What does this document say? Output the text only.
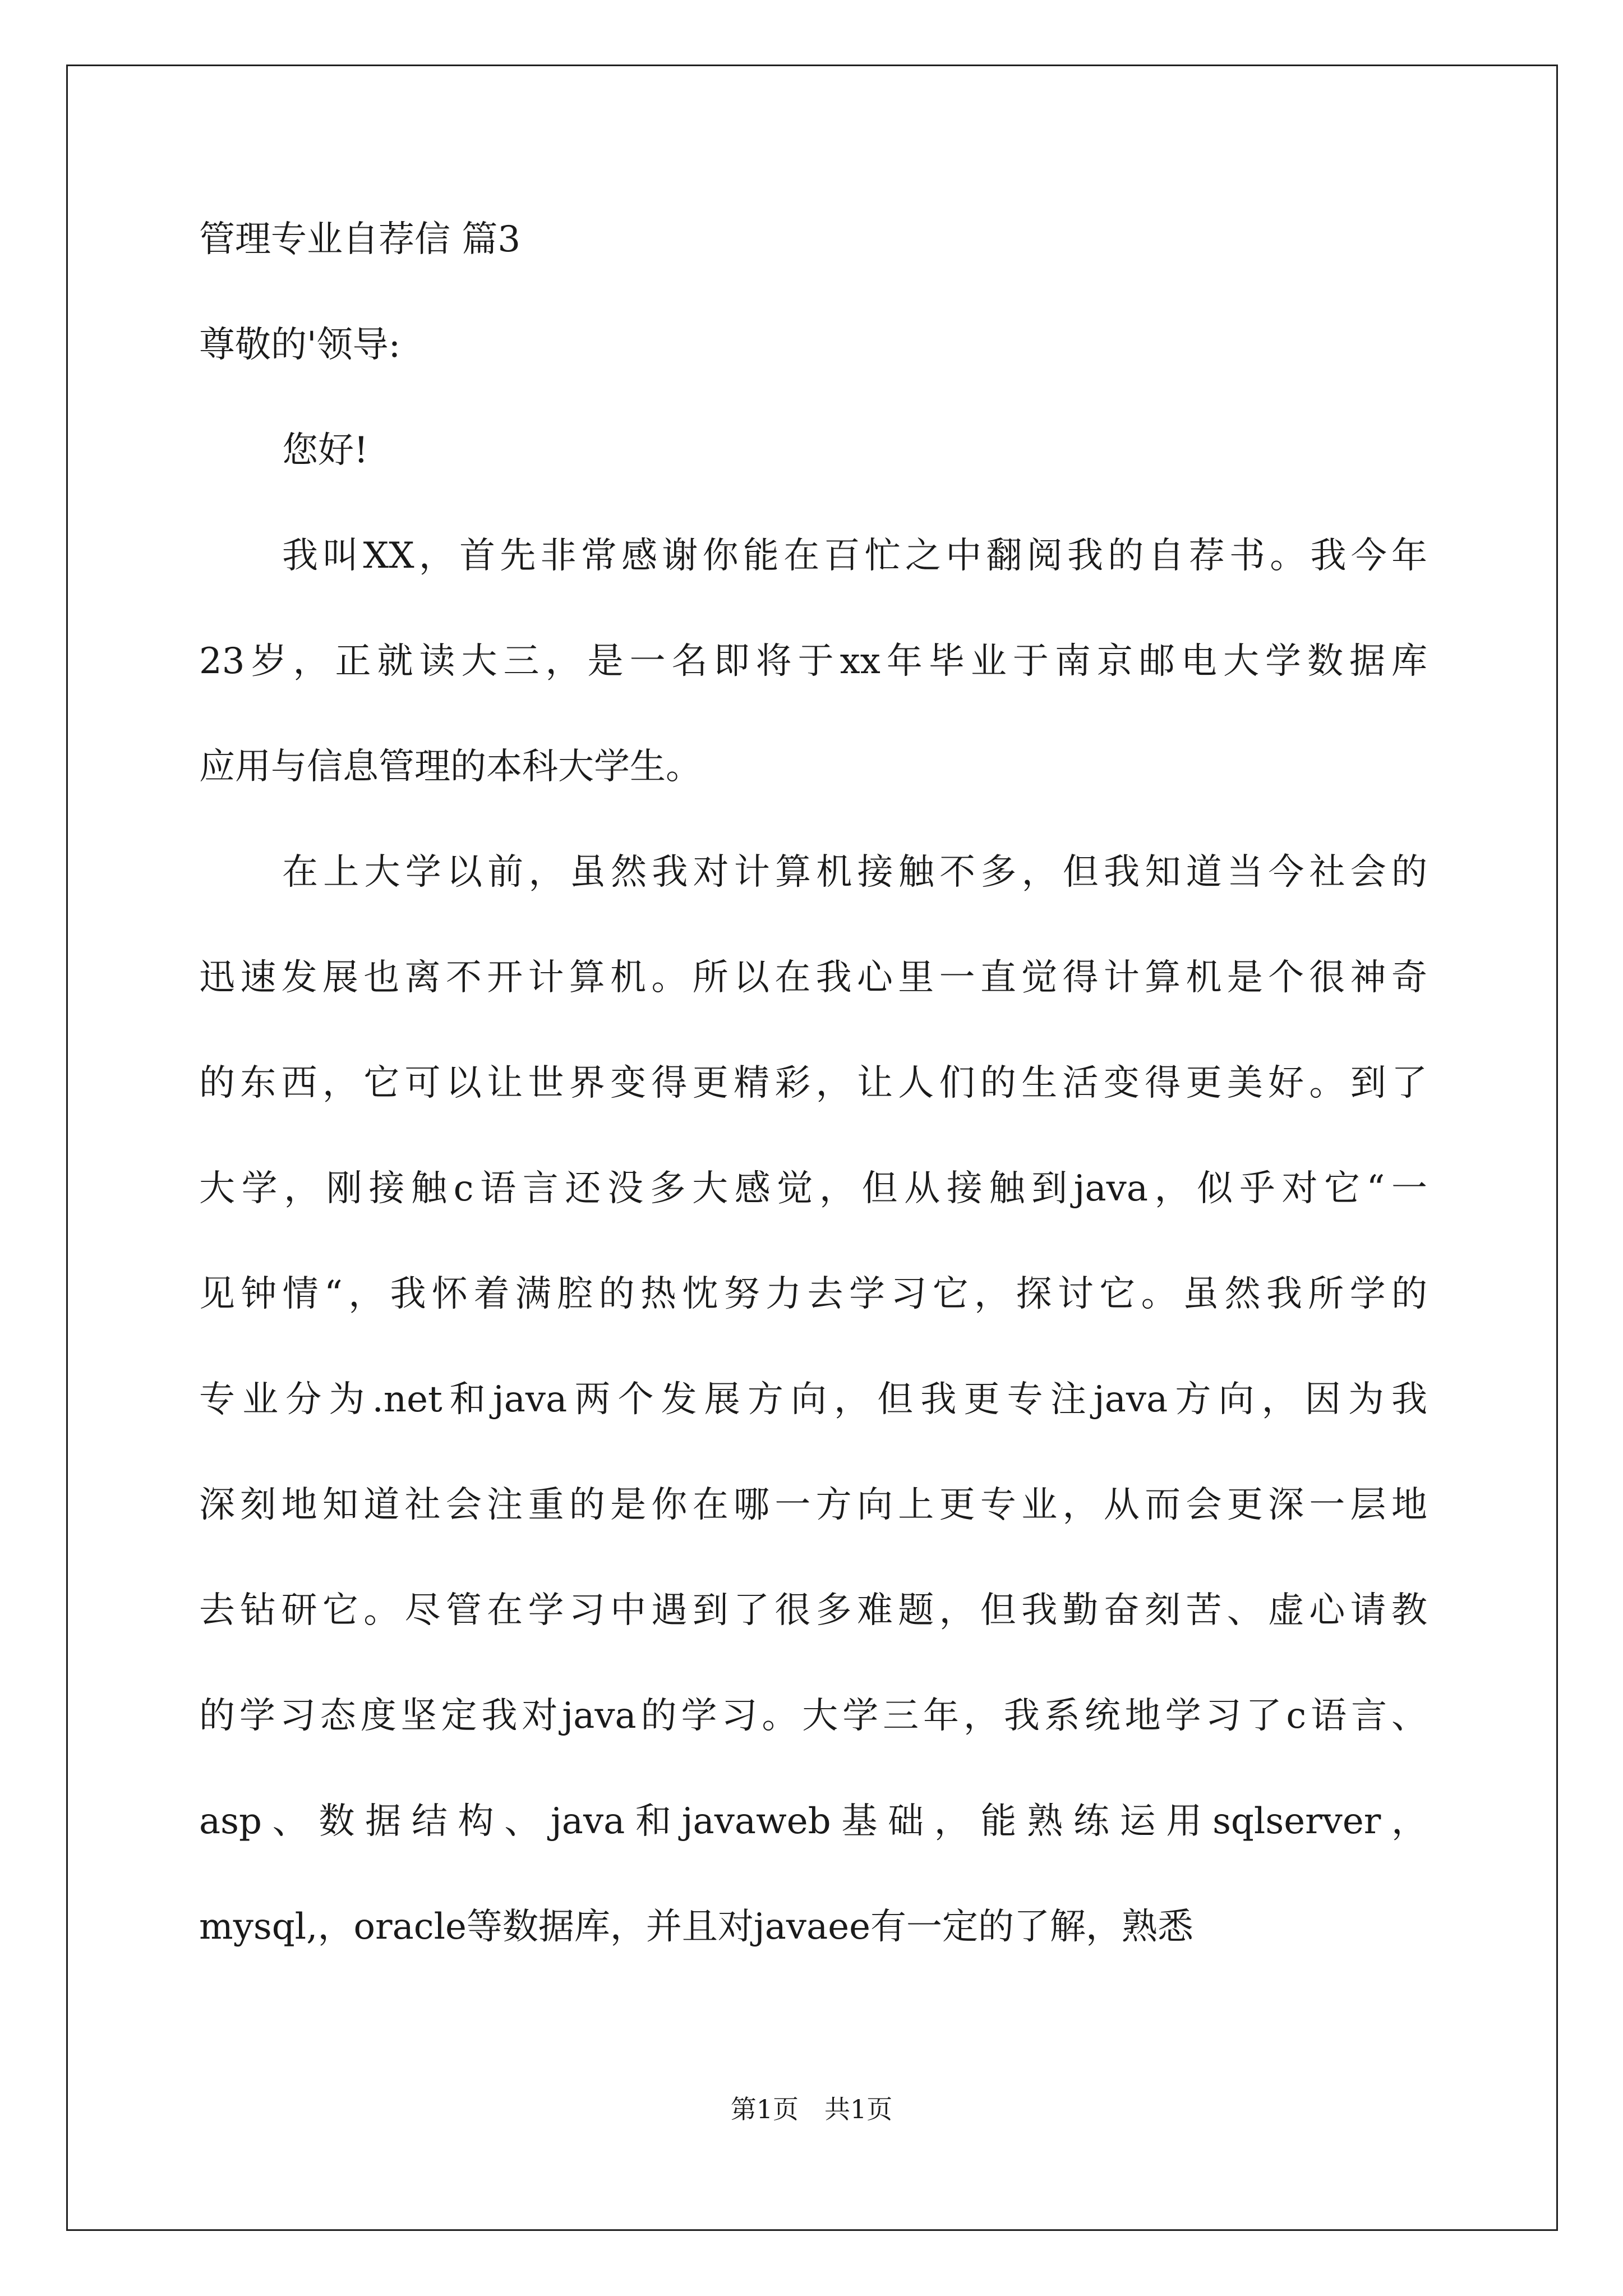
管理专业自荐信 篇3
尊敬的'领导:
您好!
我叫XX，首先非常感谢你能在百忙之中翻阅我的自荐书。我今年
23岁，正就读大三，是一名即将于xx年毕业于南京邮电大学数据库
应用与信息管理的本科大学生。
在上大学以前，虽然我对计算机接触不多，但我知道当今社会的
迅速发展也离不开计算机。所以在我心里一直觉得计算机是个很神奇
的东西，它可以让世界变得更精彩，让人们的生活变得更美好。到了
大学，刚接触c语言还没多大感觉，但从接触到java，似乎对它“一
见钟情“，我怀着满腔的热忱努力去学习它，探讨它。虽然我所学的
专业分为.net和java两个发展方向，但我更专注java方向，因为我
深刻地知道社会注重的是你在哪一方向上更专业，从而会更深一层地
去钻研它。尽管在学习中遇到了很多难题，但我勤奋刻苦、虚心请教
的学习态度坚定我对java的学习。大学三年，我系统地学习了c语言、
asp、数据结构、java和javaweb基础，能熟练运用sqlserver，
mysql,，oracle等数据库，并且对javaee有一定的了解，熟悉
第1页　共1页
